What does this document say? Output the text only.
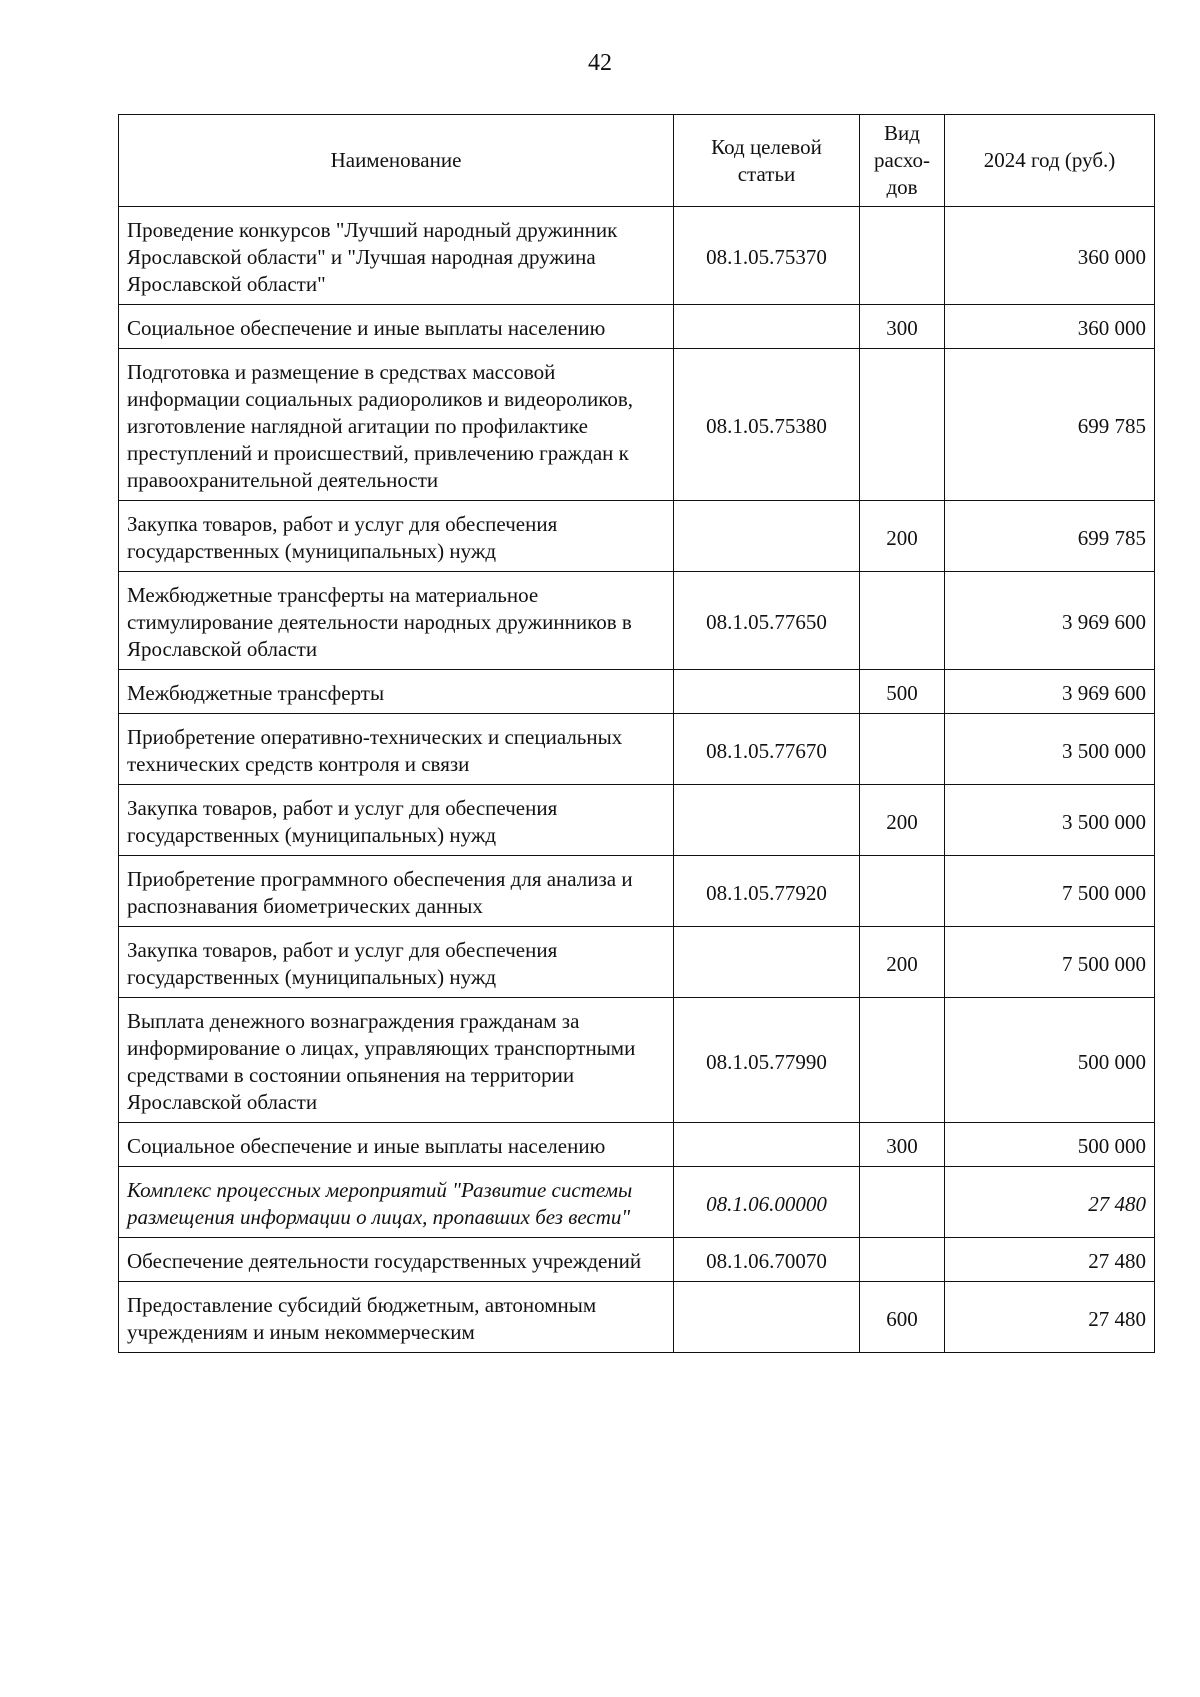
42
Наименование	Код целевой статьи	Вид расхо-дов	2024 год (руб.)
Проведение конкурсов "Лучший народный дружинник Ярославской области" и "Лучшая народная дружина Ярославской области"	08.1.05.75370		360 000
Социальное обеспечение и иные выплаты населению		300	360 000
Подготовка и размещение в средствах массовой информации социальных радиороликов и видеороликов, изготовление наглядной агитации по профилактике преступлений и происшествий, привлечению граждан к правоохранительной деятельности	08.1.05.75380		699 785
Закупка товаров, работ и услуг для обеспечения государственных (муниципальных) нужд		200	699 785
Межбюджетные трансферты на материальное стимулирование деятельности народных дружинников в Ярославской области	08.1.05.77650		3 969 600
Межбюджетные трансферты		500	3 969 600
Приобретение оперативно-технических и специальных технических средств контроля и связи	08.1.05.77670		3 500 000
Закупка товаров, работ и услуг для обеспечения государственных (муниципальных) нужд		200	3 500 000
Приобретение программного обеспечения для анализа и распознавания биометрических данных	08.1.05.77920		7 500 000
Закупка товаров, работ и услуг для обеспечения государственных (муниципальных) нужд		200	7 500 000
Выплата денежного вознаграждения гражданам за информирование о лицах, управляющих транспортными средствами в состоянии опьянения на территории Ярославской области	08.1.05.77990		500 000
Социальное обеспечение и иные выплаты населению		300	500 000
Комплекс процессных мероприятий "Развитие системы размещения информации о лицах, пропавших без вести"	08.1.06.00000		27 480
Обеспечение деятельности государственных учреждений	08.1.06.70070		27 480
Предоставление субсидий бюджетным, автономным учреждениям и иным некоммерческим		600	27 480
